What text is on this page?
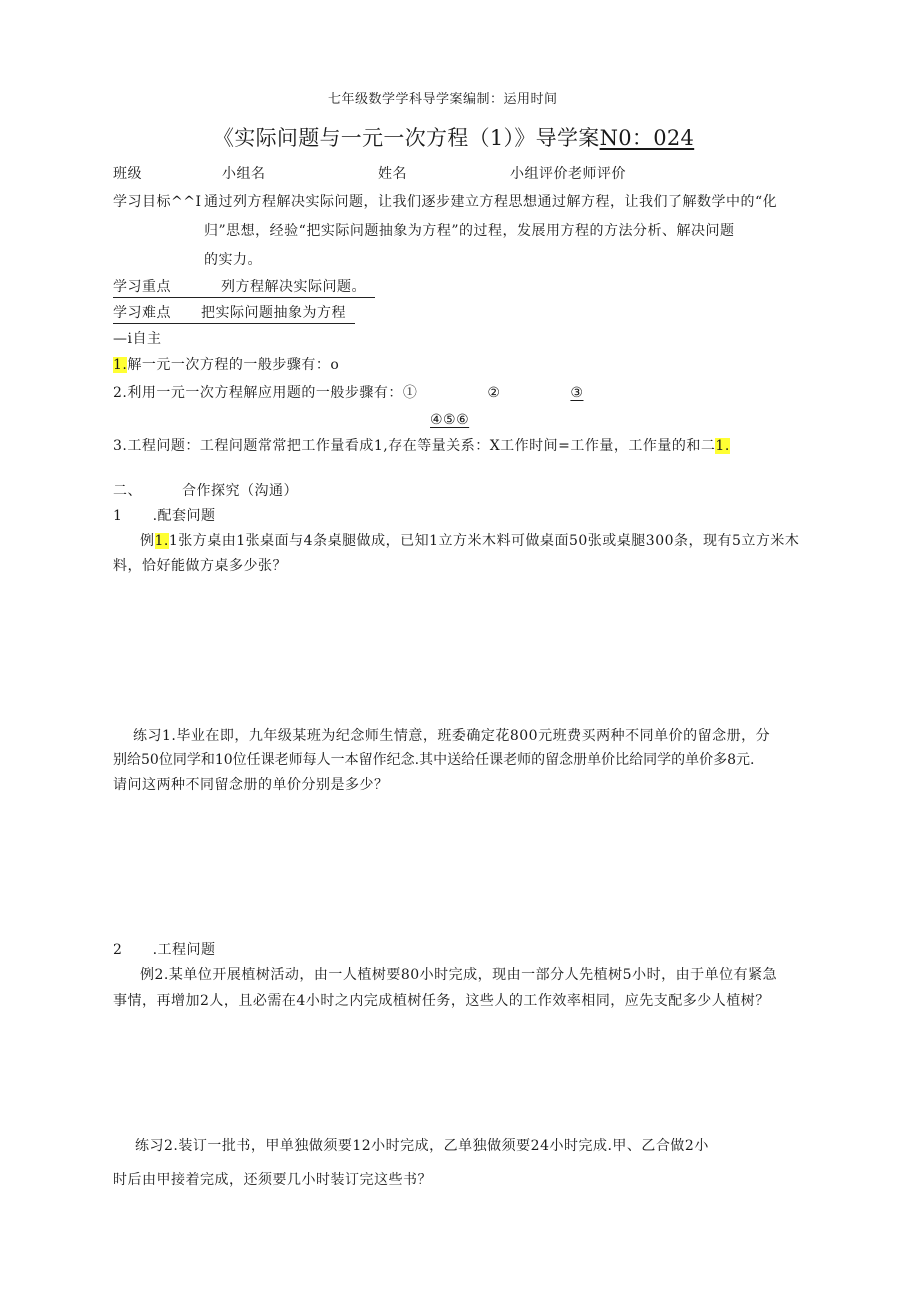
七年级数学学科导学案编制：运用时间
《实际问题与一元一次方程（1）》导学案N0：024
班级	小组名	姓名	小组评价老师评价
学习目标^^I 通过列方程解决实际问题，让我们逐步建立方程思想通过解方程，让我们了解数学中的“化
归”思想，经验“把实际问题抽象为方程”的过程，发展用方程的方法分析、解决问题
的实力。
学习重点	列方程解决实际问题。
学习难点 把实际问题抽象为方程
—i自主
1.解一元一次方程的一般步骤有：o
2.利用一元一次方程解应用题的一般步骤有：①	②	③
④⑤⑥
3.工程问题：工程问题常常把工作量看成1,存在等量关系：X工作时间=工作量，工作量的和二1.
二、	合作探究（沟通）
1	.配套问题
例1.1张方桌由1张桌面与4条桌腿做成，已知1立方米木料可做桌面50张或桌腿300条，现有5立方米木
料，恰好能做方桌多少张？
练习1.毕业在即，九年级某班为纪念师生情意，班委确定花800元班费买两种不同单价的留念册，分
别给50位同学和10位任课老师每人一本留作纪念.其中送给任课老师的留念册单价比给同学的单价多8元.
请问这两种不同留念册的单价分别是多少？
2	.工程问题
例2.某单位开展植树活动，由一人植树要80小时完成，现由一部分人先植树5小时，由于单位有紧急
事情，再增加2人，且必需在4小时之内完成植树任务，这些人的工作效率相同，应先支配多少人植树？
练习2.装订一批书，甲单独做须要12小时完成，乙单独做须要24小时完成.甲、乙合做2小
时后由甲接着完成，还须要几小时装订完这些书？
